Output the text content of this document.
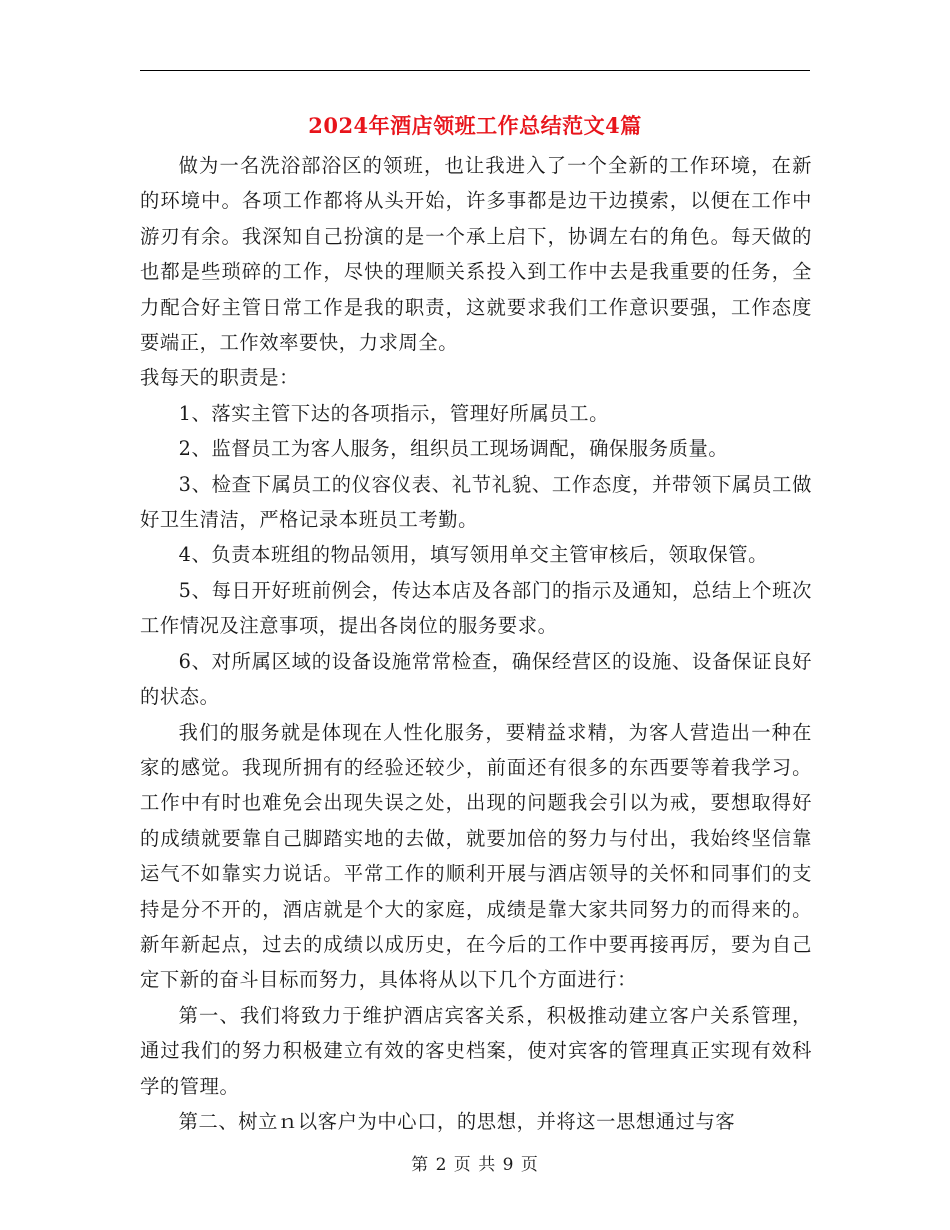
2024年酒店领班工作总结范文4篇

做为一名洗浴部浴区的领班，也让我进入了一个全新的工作环境，在新的环境中。各项工作都将从头开始，许多事都是边干边摸索，以便在工作中游刃有余。我深知自己扮演的是一个承上启下，协调左右的角色。每天做的也都是些琐碎的工作，尽快的理顺关系投入到工作中去是我重要的任务，全力配合好主管日常工作是我的职责，这就要求我们工作意识要强，工作态度要端正，工作效率要快，力求周全。

我每天的职责是：

1、落实主管下达的各项指示，管理好所属员工。

2、监督员工为客人服务，组织员工现场调配，确保服务质量。

3、检查下属员工的仪容仪表、礼节礼貌、工作态度，并带领下属员工做好卫生清洁，严格记录本班员工考勤。

4、负责本班组的物品领用，填写领用单交主管审核后，领取保管。

5、每日开好班前例会，传达本店及各部门的指示及通知，总结上个班次工作情况及注意事项，提出各岗位的服务要求。

6、对所属区域的设备设施常常检查，确保经营区的设施、设备保证良好的状态。

我们的服务就是体现在人性化服务，要精益求精，为客人营造出一种在家的感觉。我现所拥有的经验还较少，前面还有很多的东西要等着我学习。工作中有时也难免会出现失误之处，出现的问题我会引以为戒，要想取得好的成绩就要靠自己脚踏实地的去做，就要加倍的努力与付出，我始终坚信靠运气不如靠实力说话。平常工作的顺利开展与酒店领导的关怀和同事们的支持是分不开的，酒店就是个大的家庭，成绩是靠大家共同努力的而得来的。新年新起点，过去的成绩以成历史，在今后的工作中要再接再厉，要为自己定下新的奋斗目标而努力，具体将从以下几个方面进行：

第一、我们将致力于维护酒店宾客关系，积极推动建立客户关系管理，通过我们的努力积极建立有效的客史档案，使对宾客的管理真正实现有效科学的管理。

第二、树立ｎ以客户为中心口，的思想，并将这一思想通过与客

第 2 页 共 9 页
